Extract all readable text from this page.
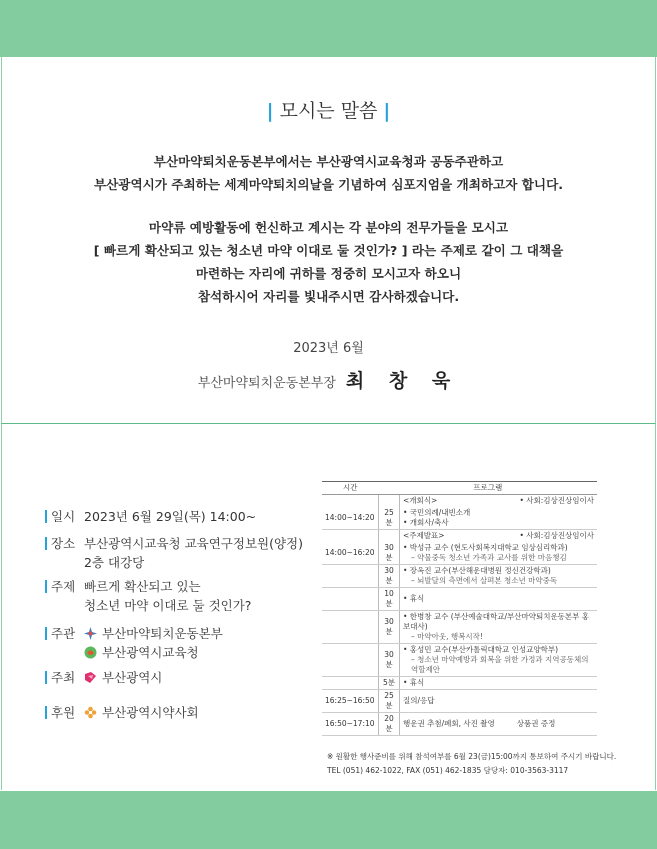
| 모시는 말씀 |
부산마약퇴치운동본부에서는 부산광역시교육청과 공동주관하고
부산광역시가 주최하는 세계마약퇴치의날을 기념하여 심포지엄을 개최하고자 합니다.
마약류 예방활동에 헌신하고 계시는 각 분야의 전무가들을 모시고
[ 빠르게 확산되고 있는 청소년 마약 이대로 둘 것인가? ] 라는 주제로 같이 그 대책을
마련하는 자리에 귀하를 정중히 모시고자 하오니
참석하시어 자리를 빛내주시면 감사하겠습니다.
2023년 6월
부산마약퇴치운동본부장 최 창 욱
일시 2023년 6월 29일(목) 14:00~
장소 부산광역시교육청 교육연구정보원(양정)
2층 대강당
주제 빠르게 확산되고 있는
청소년 마약 이대로 둘 것인가?
주관	부산마약퇴치운동본부
부산광역시교육청
주최	부산광역시
후원	부산광역시약사회
시간	프로그램	
		<개회식> • 사회:김상진상임이사

14:00~14:20	25분	• 국민의례/내빈소개
• 개회사/축사

		<주제발표> • 사회:김상진상임이사

14:00~16:20	30분	• 박성규 교수 (현도사회복지대학교 임상심리학과)
– 약물중독 청소년 가족과 교사를 위한 마음챙김

	30분	• 장옥진 교수(부산해운대병원 정신건강학과)
– 뇌발달의 측면에서 살펴본 청소년 마약중독

	10분	• 휴식
	30분	• 한병창 교수 (부산예술대학교/부산마약퇴치운동본부 홍보대사)
– 마약아웃, 행복시작!

	30분	• 홍성민 교수(부산카톨릭대학교 인성교양학부)
– 청소년 마약예방과 회복을 위한 가정과 지역공동체의 역할제안

	5분	• 휴식
16:25~16:50	25분	질의/응답
16:50~17:10	20분	행운권 추첨/폐회, 사진 촬영 상품권 증정
※ 원활한 행사준비를 위해 참석여부를 6월 23(금)15:00까지 통보하여 주시기 바랍니다.
TEL (051) 462-1022, FAX (051) 462-1835 담당자: 010-3563-3117
